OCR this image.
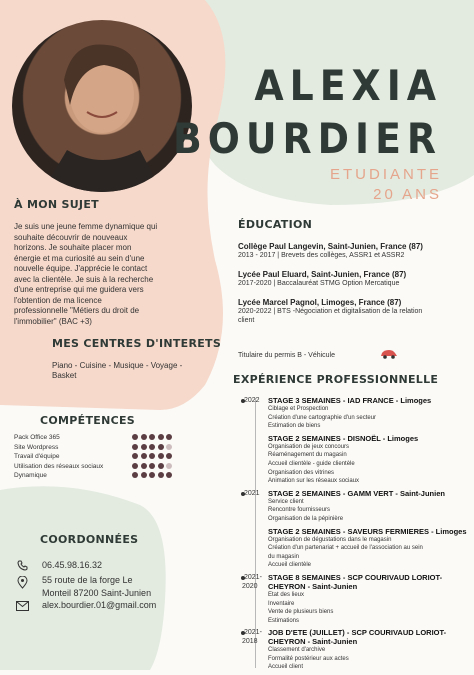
ALEXIA
BOURDIER
ETUDIANTE
20 ANS
À MON SUJET
Je suis une jeune femme dynamique qui
souhaite découvrir de nouveaux
horizons. Je souhaite placer mon
énergie et ma curiosité au sein d'une
nouvelle équipe. J'apprécie le contact
avec la clientèle. Je suis à la recherche
d'une entreprise qui me guidera vers
l'obtention de ma licence
professionnelle "Métiers du droit de
l'immobilier" (BAC +3)
MES CENTRES D'INTERETS
Piano - Cuisine - Musique - Voyage -
Basket
COMPÉTENCES
Pack Office 365
Site Wordpress
Travail d'équipe
Utilisation des réseaux sociaux
Dynamique
COORDONNÉES
06.45.98.16.32
55 route de la forge Le
Monteil 87200 Saint-Junien
alex.bourdier.01@gmail.com
ÉDUCATION
Collège Paul Langevin, Saint-Junien, France (87)
2013 - 2017 | Brevets des collèges, ASSR1 et ASSR2
Lycée Paul Eluard, Saint-Junien, France (87)
2017-2020 | Baccalauréat STMG Option Mercatique
Lycée Marcel Pagnol, Limoges, France (87)
2020-2022 | BTS -Négociation et digitalisation de la relation
client
Titulaire du permis B - Véhicule
EXPÉRIENCE PROFESSIONNELLE
2022 STAGE 3 SEMAINES - IAD FRANCE - Limoges
Ciblage et Prospection
Création d'une cartographie d'un secteur
Estimation de biens
STAGE 2 SEMAINES - DISNOËL - Limoges
Organisation de jeux concours
Réaménagement du magasin
Accueil clientèle - guide clientèle
Organisation des vitrines
Animation sur les réseaux sociaux
2021 STAGE 2 SEMAINES - GAMM VERT - Saint-Junien
Service client
Rencontre fournisseurs
Organisation de la pépinière
STAGE 2 SEMAINES - SAVEURS FERMIERES - Limoges
Organisation de dégustations dans le magasin
Création d'un partenariat + accueil de l'association au sein
du magasin
Accueil clientèle
2021-
2020
STAGE 8 SEMAINES - SCP COURIVAUD LORIOT-
CHEYRON - Saint-Junien
Etat des lieux
Inventaire
Vente de plusieurs biens
Estimations
2021-
2018
JOB D'ETE (JUILLET) - SCP COURIVAUD LORIOT-
CHEYRON - Saint-Junien
Classement d'archive
Formalité postérieur aux actes
Accueil client
